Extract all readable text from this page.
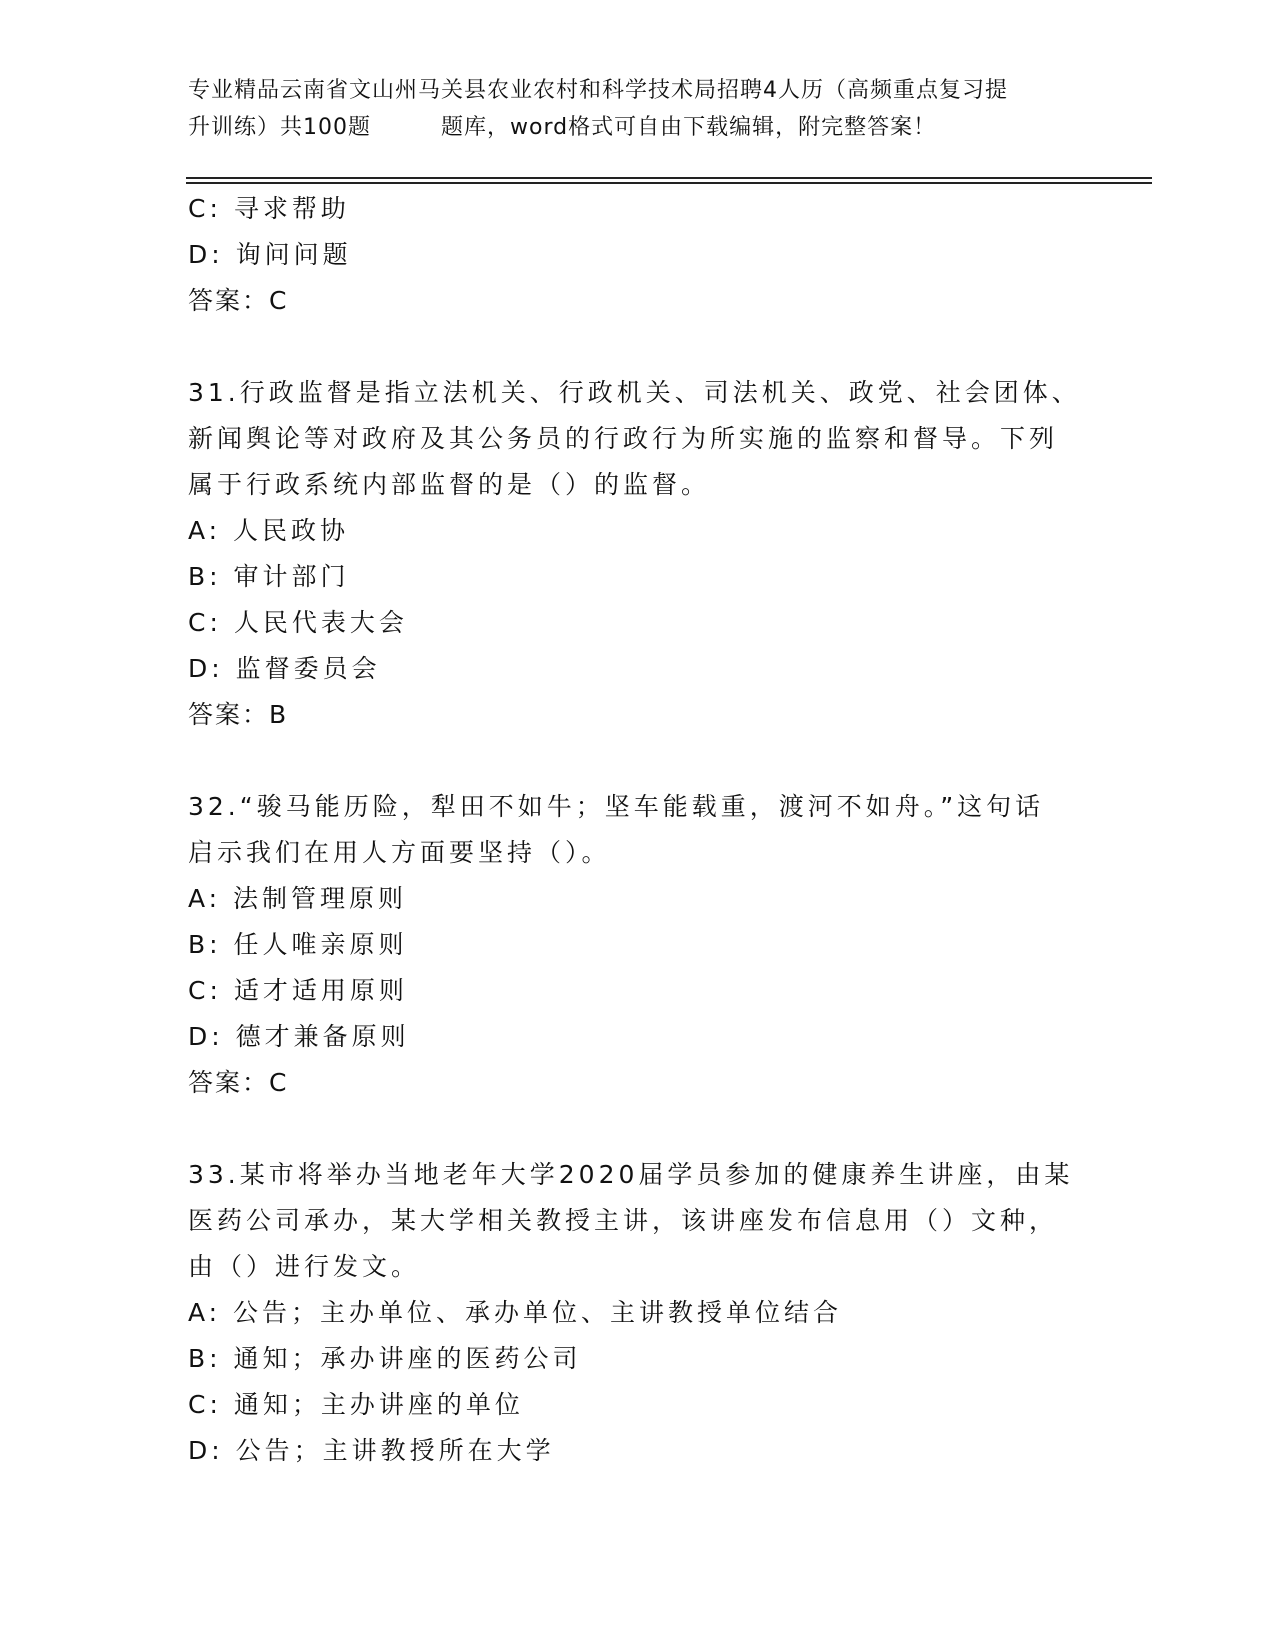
专业精品云南省文山州马关县农业农村和科学技术局招聘4人历（高频重点复习提
升训练）共100题	题库，word格式可自由下载编辑，附完整答案！
C: 寻求帮助
D: 询问问题
答案：C
31.行政监督是指立法机关、行政机关、司法机关、政党、社会团体、
新闻舆论等对政府及其公务员的行政行为所实施的监察和督导。下列
属于行政系统内部监督的是（）的监督。
A: 人民政协
B: 审计部门
C: 人民代表大会
D: 监督委员会
答案：B
32.“骏马能历险，犁田不如牛；坚车能载重，渡河不如舟。”这句话
启示我们在用人方面要坚持（）。
A: 法制管理原则
B: 任人唯亲原则
C: 适才适用原则
D: 德才兼备原则
答案：C
33.某市将举办当地老年大学2020届学员参加的健康养生讲座，由某
医药公司承办，某大学相关教授主讲，该讲座发布信息用（）文种，
由（）进行发文。
A: 公告；主办单位、承办单位、主讲教授单位结合
B: 通知；承办讲座的医药公司
C: 通知；主办讲座的单位
D: 公告；主讲教授所在大学
